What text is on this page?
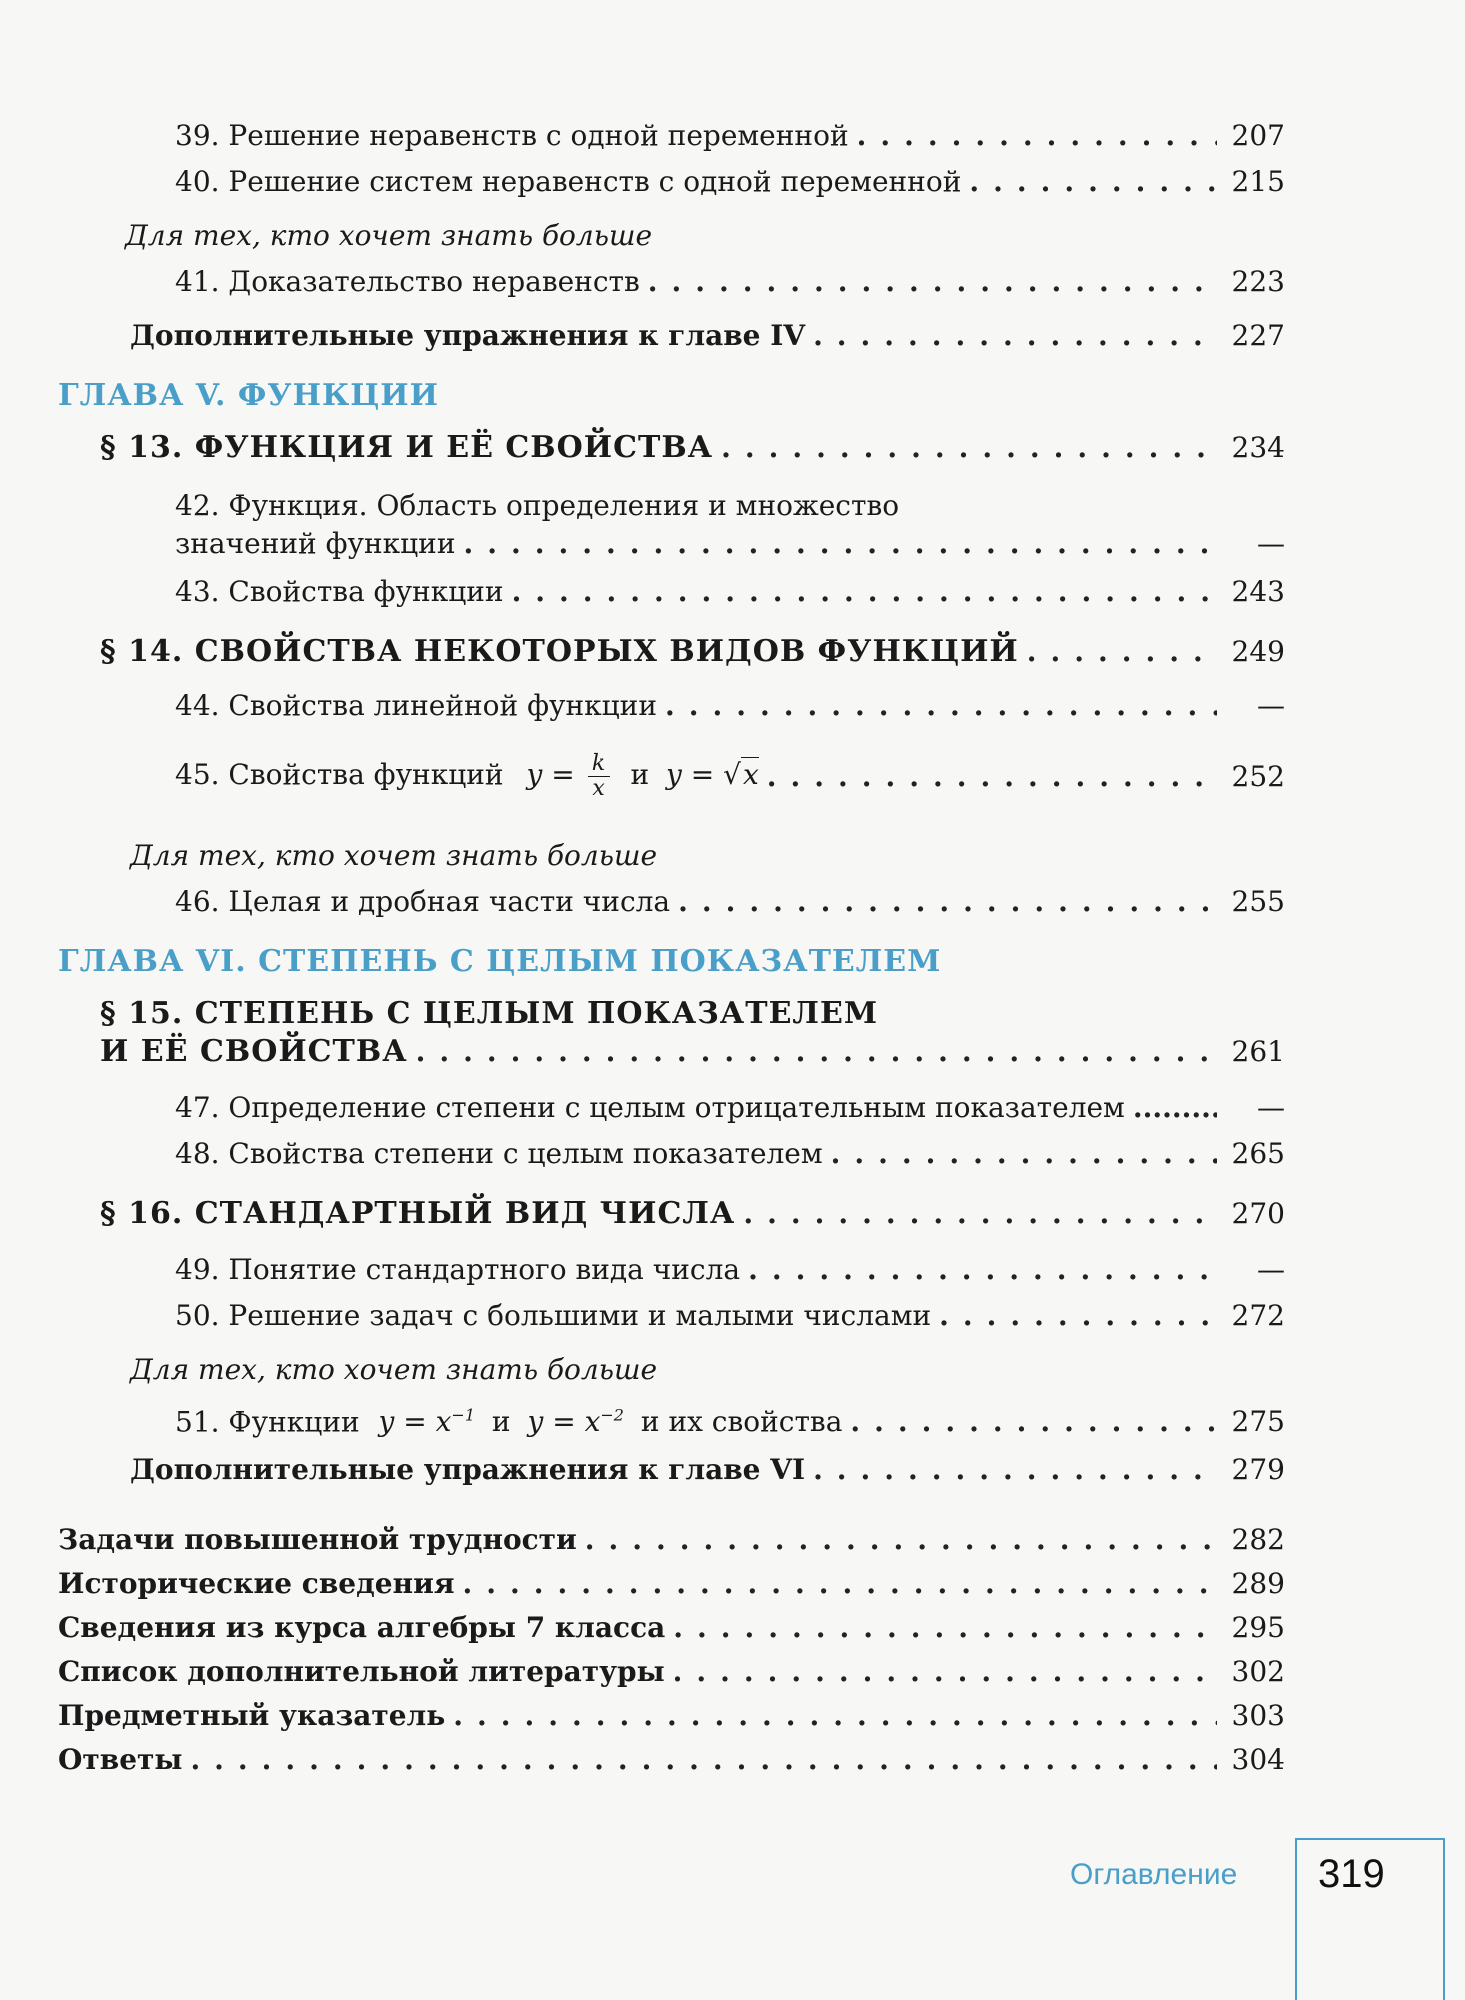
39. Решение неравенств с одной переменной .....	207
40. Решение систем неравенств с одной переменной .....	215
Для тех, кто хочет знать больше
41. Доказательство неравенств .....	223
Дополнительные упражнения к главе IV .....	227
ГЛАВА V. ФУНКЦИИ
§ 13. ФУНКЦИЯ И ЕЁ СВОЙСТВА .....	234
42. Функция. Область определения и множество
значений функции .....	—
43. Свойства функции .....	243
§ 14. СВОЙСТВА НЕКОТОРЫХ ВИДОВ ФУНКЦИЙ .....	249
44. Свойства линейной функции .....	—
45. Свойства функций $y = \frac{k}{x}$ и y = √x .....	252
Для тех, кто хочет знать больше
46. Целая и дробная части числа .....	255
ГЛАВА VI. СТЕПЕНЬ С ЦЕЛЫМ ПОКАЗАТЕЛЕМ
§ 15. СТЕПЕНЬ С ЦЕЛЫМ ПОКАЗАТЕЛЕМ
И ЕЁ СВОЙСТВА .....	261
47. Определение степени с целым отрицательным показателем .....	—
48. Свойства степени с целым показателем .....	265
§ 16. СТАНДАРТНЫЙ ВИД ЧИСЛА .....	270
49. Понятие стандартного вида числа .....	—
50. Решение задач с большими и малыми числами .....	272
Для тех, кто хочет знать больше
51. Функции $y = x^{-1}$ и $y = x^{-2}$ и их свойства .....	275
Дополнительные упражнения к главе VI .....	279
Задачи повышенной трудности .....	282
Исторические сведения .....	289
Сведения из курса алгебры 7 класса .....	295
Список дополнительной литературы .....	302
Предметный указатель .....	303
Ответы .....	304
Оглавление 319
